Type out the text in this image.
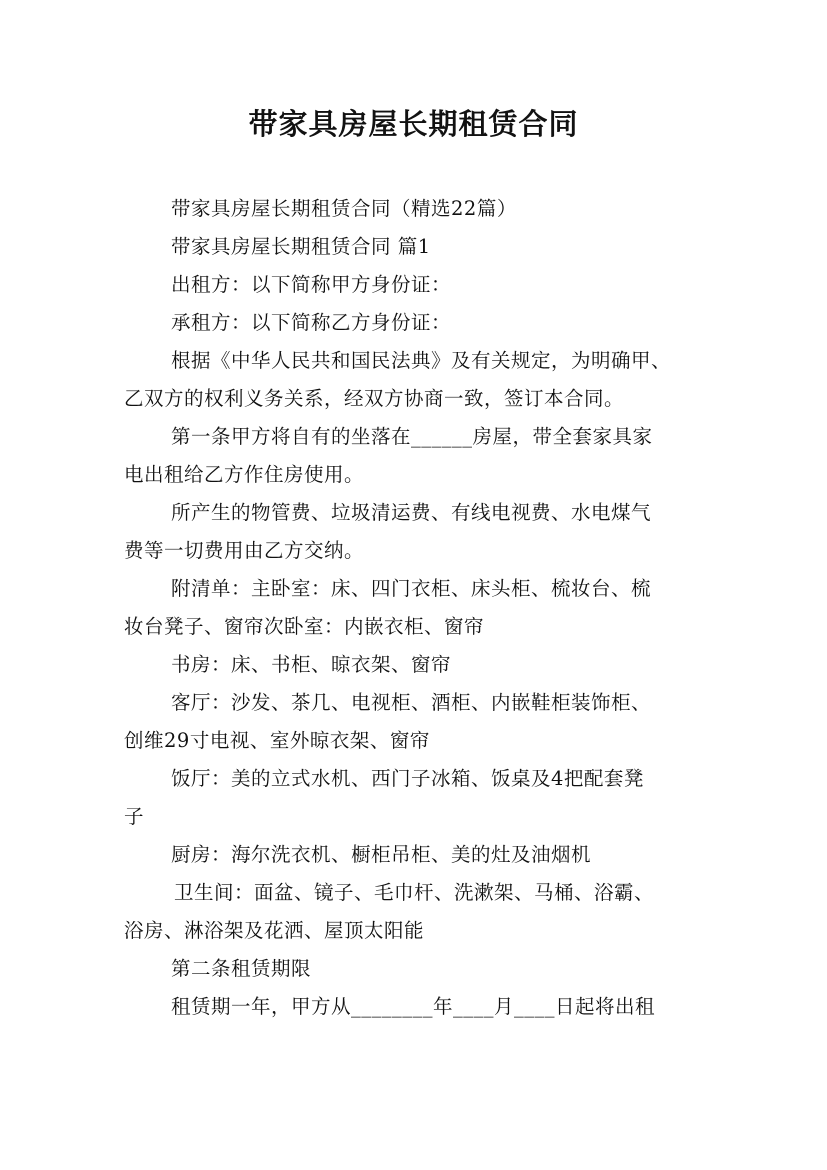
带家具房屋长期租赁合同
带家具房屋长期租赁合同（精选22篇）
带家具房屋长期租赁合同 篇1
出租方：以下简称甲方身份证：
承租方：以下简称乙方身份证：
根据《中华人民共和国民法典》及有关规定，为明确甲、
乙双方的权利义务关系，经双方协商一致，签订本合同。
第一条甲方将自有的坐落在______房屋，带全套家具家
电出租给乙方作住房使用。
所产生的物管费、垃圾清运费、有线电视费、水电煤气
费等一切费用由乙方交纳。
附清单：主卧室：床、四门衣柜、床头柜、梳妆台、梳
妆台凳子、窗帘次卧室：内嵌衣柜、窗帘
书房：床、书柜、晾衣架、窗帘
客厅：沙发、茶几、电视柜、酒柜、内嵌鞋柜装饰柜、
创维29寸电视、室外晾衣架、窗帘
饭厅：美的立式水机、西门子冰箱、饭桌及4把配套凳
子
厨房：海尔洗衣机、橱柜吊柜、美的灶及油烟机
卫生间：面盆、镜子、毛巾杆、洗漱架、马桶、浴霸、
浴房、淋浴架及花洒、屋顶太阳能
第二条租赁期限
租赁期一年，甲方从________年____月____日起将出租
